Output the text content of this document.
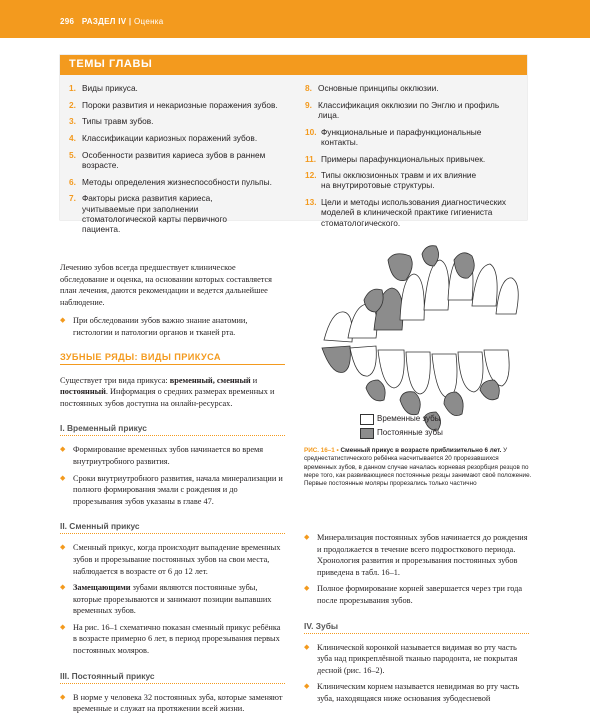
296 РАЗДЕЛ IV | Оценка
ТЕМЫ ГЛАВЫ
1. Виды прикуса.
2. Пороки развития и некариозные поражения зубов.
3. Типы травм зубов.
4. Классификации кариозных поражений зубов.
5. Особенности развития кариеса зубов в раннем возрасте.
6. Методы определения жизнеспособности пульпы.
7. Факторы риска развития кариеса, учитываемые при заполнении стоматологической карты первичного пациента.
8. Основные принципы окклюзии.
9. Классификация окклюзии по Энглю и профиль лица.
10. Функциональные и парафункциональные контакты.
11. Примеры парафункциональных привычек.
12. Типы окклюзионных травм и их влияние на внутриротовые структуры.
13. Цели и методы использования диагностических моделей в клинической практике гигиениста стоматологического.

Лечению зубов всегда предшествует клиническое обследование и оценка, на основании которых составляется план лечения, даются рекомендации и ведется дальнейшее наблюдение.

◆ При обследовании зубов важно знание анатомии, гистологии и патологии органов и тканей рта.

ЗУБНЫЕ РЯДЫ: ВИДЫ ПРИКУСА

Существует три вида прикуса: временный, сменный и постоянный. Информация о средних размерах временных и постоянных зубов доступна на онлайн-ресурсах.

I. Временный прикус

◆ Формирование временных зубов начинается во время внутриутробного развития.

◆ Сроки внутриутробного развития, начала минерализации и полного формирования эмали с рождения и до прорезывания зубов указаны в главе 47.

II. Сменный прикус

◆ Сменный прикус, когда происходит выпадение временных зубов и прорезывание постоянных зубов на свои места, наблюдается в возрасте от 6 до 12 лет.

◆ Замещающими зубами являются постоянные зубы, которые прорезываются и занимают позиции выпавших временных зубов.

◆ На рис. 16–1 схематично показан сменный прикус ребёнка в возрасте примерно 6 лет, в период прорезывания первых постоянных моляров.

III. Постоянный прикус

◆ В норме у человека 32 постоянных зуба, которые заменяют временные и служат на протяжении всей жизни.

Временные зубы
Постоянные зубы
РИС. 16–1 • Сменный прикус в возрасте приблизительно 6 лет. У среднестатистического ребёнка насчитывается 20 прорезавшихся временных зубов, в данном случае началась корневая резорбция резцов по мере того, как развивающиеся постоянные резцы занимают своё положение. Первые постоянные моляры прорезались только частично

◆ Минерализация постоянных зубов начинается до рождения и продолжается в течение всего подросткового периода. Хронология развития и прорезывания постоянных зубов приведена в табл. 16–1.

◆ Полное формирование корней завершается через три года после прорезывания зубов.

IV. Зубы

◆ Клинической коронкой называется видимая во рту часть зуба над прикреплённой тканью пародонта, не покрытая десной (рис. 16–2).

◆ Клиническим корнем называется невидимая во рту часть зуба, находящаяся ниже основания зубодесневой
